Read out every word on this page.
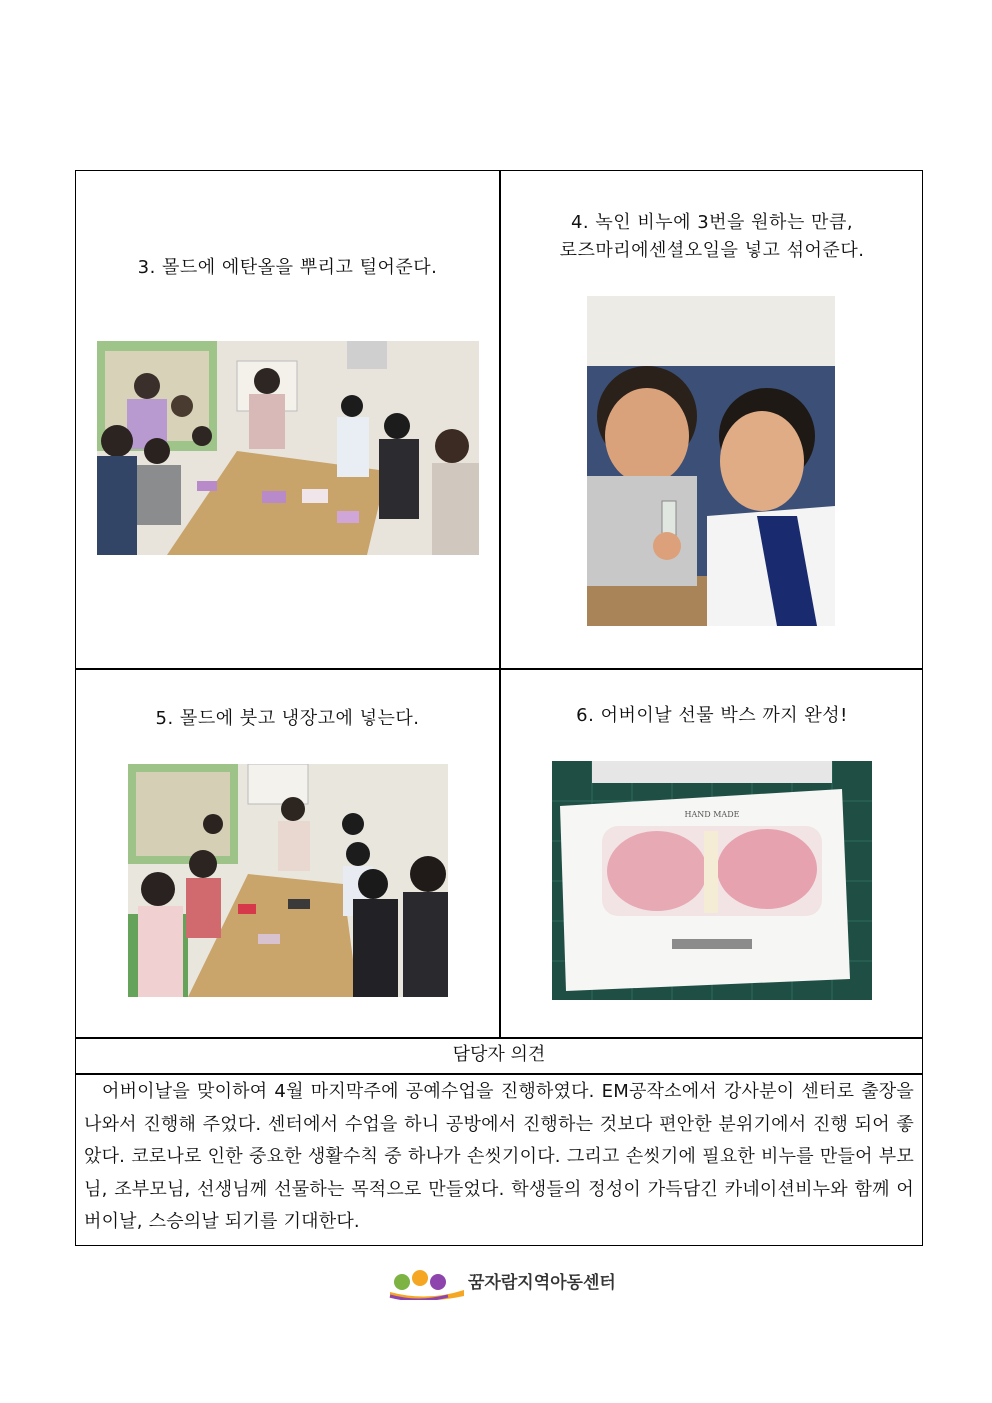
3. 몰드에 에탄올을 뿌리고 털어준다.
4. 녹인 비누에 3번을 원하는 만큼,
로즈마리에센셜오일을 넣고 섞어준다.
5. 몰드에 붓고 냉장고에 넣는다.	6. 어버이날 선물 박스 까지 완성!
HAND MADE
담당자 의견
어버이날을 맞이하여 4월 마지막주에 공예수업을 진행하였다. EM공작소에서 강사분이 센터로 출장을 나와서 진행해 주었다. 센터에서 수업을 하니 공방에서 진행하는 것보다 편안한 분위기에서 진행 되어 좋았다. 코로나로 인한 중요한 생활수칙 중 하나가 손씻기이다. 그리고 손씻기에 필요한 비누를 만들어 부모님, 조부모님, 선생님께 선물하는 목적으로 만들었다. 학생들의 정성이 가득담긴 카네이션비누와 함께 어버이날, 스승의날 되기를 기대한다.
꿈자람지역아동센터
